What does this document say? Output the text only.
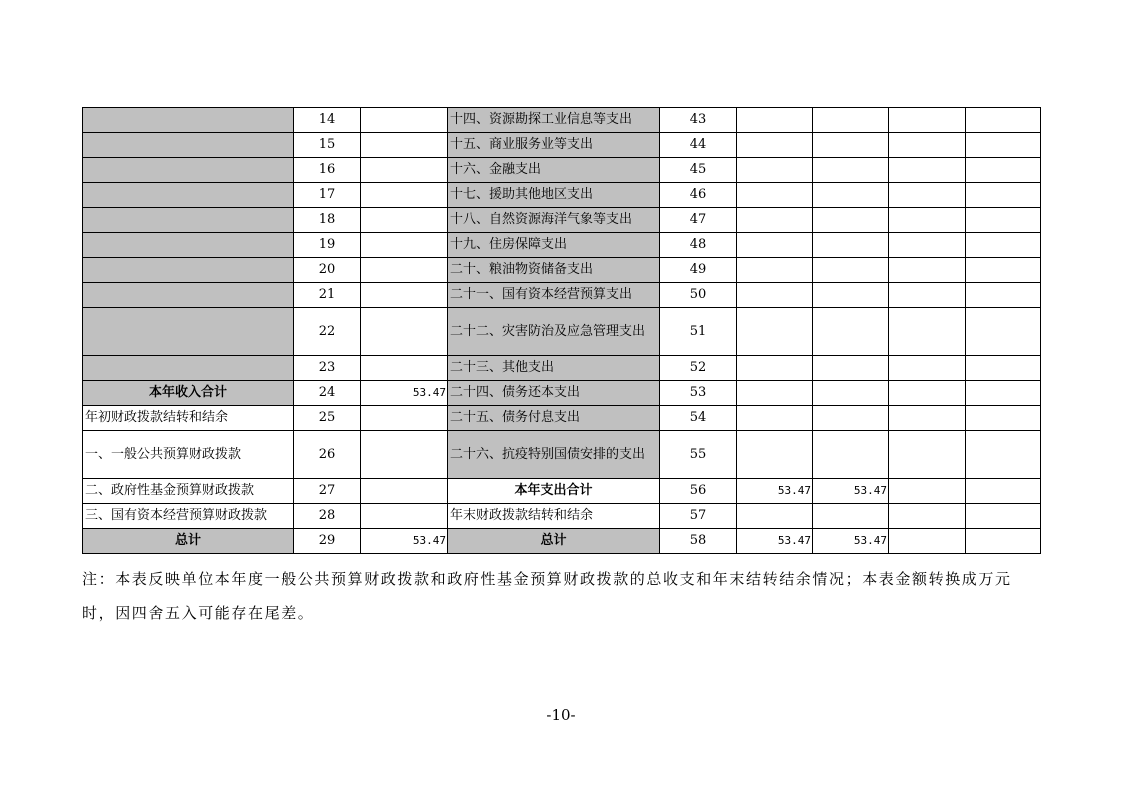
	14		十四、资源勘探工业信息等支出	43				
	15		十五、商业服务业等支出	44				
	16		十六、金融支出	45				
	17		十七、援助其他地区支出	46				
	18		十八、自然资源海洋气象等支出	47				
	19		十九、住房保障支出	48				
	20		二十、粮油物资储备支出	49				
	21		二十一、国有资本经营预算支出	50				
	22		二十二、灾害防治及应急管理支出	51				
	23		二十三、其他支出	52				
本年收入合计	24	53.47	二十四、债务还本支出	53				
年初财政拨款结转和结余	25		二十五、债务付息支出	54				
一、一般公共预算财政拨款	26		二十六、抗疫特别国债安排的支出	55				
二、政府性基金预算财政拨款	27		本年支出合计	56	53.47	53.47		
三、国有资本经营预算财政拨款	28		年末财政拨款结转和结余	57				
总计	29	53.47	总计	58	53.47	53.47		
注：本表反映单位本年度一般公共预算财政拨款和政府性基金预算财政拨款的总收支和年末结转结余情况；本表金额转换成万元时，因四舍五入可能存在尾差。
-10-
